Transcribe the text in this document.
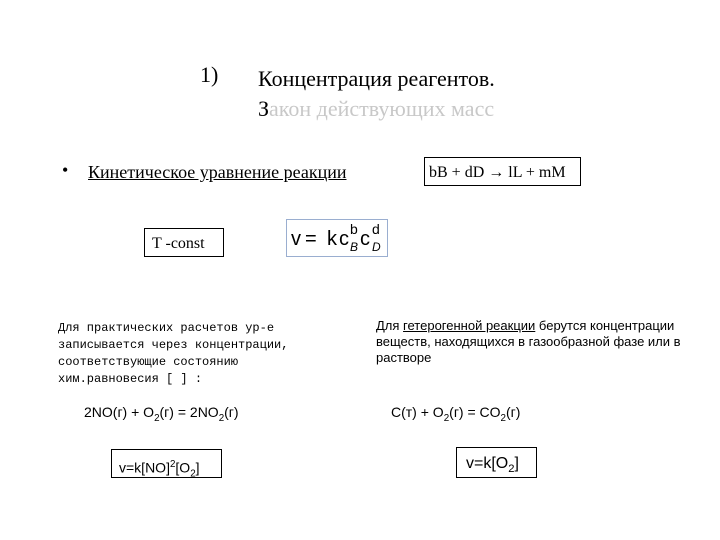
1) Концентрация реагентов.
Закон действующих масс
• Кинетическое уравнение реакции	bB + dD → lL + mM
T -const	v = k c b
B c d
D
Для практических расчетов ур-е записывается через концентрации, соответствующие состоянию хим.равновесия [ ] :
Для гетерогенной реакции берутся концентрации веществ, находящихся в газообразной фазе или в растворе
$2NO(г) + O_2(г) = 2NO_2(г)$	$C(т) + O_2(г) = CO_2(г)$
$v=k[NO]^2[O_2]$	$v=k[O_2]$
